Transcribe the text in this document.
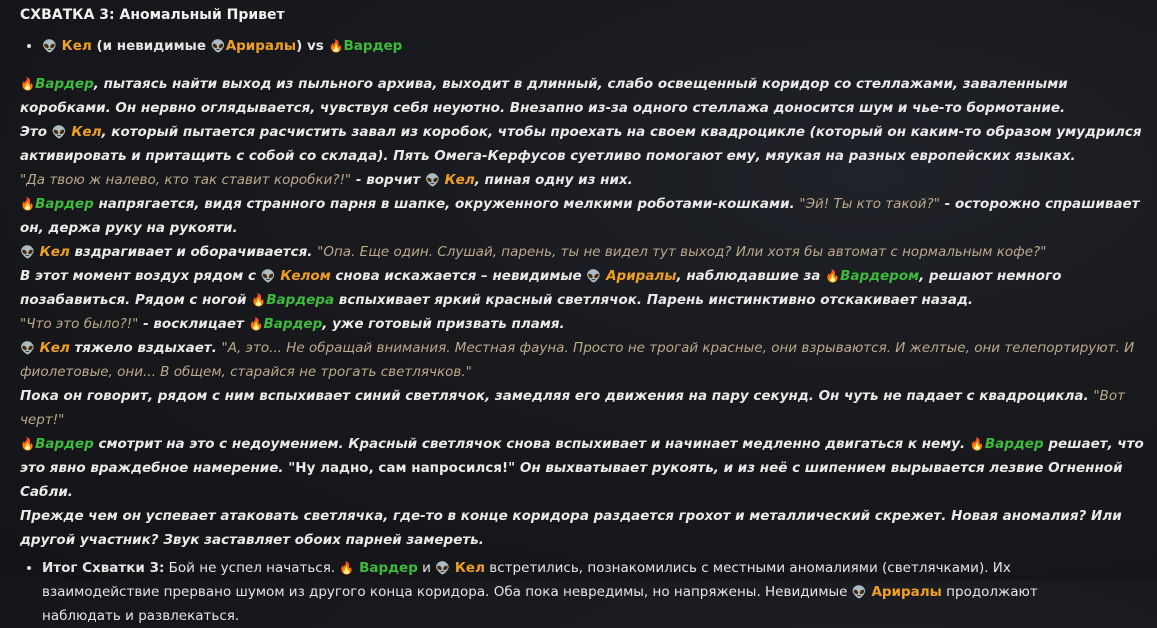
СХВАТКА 3: Аномальный Привет
• 👽 Кел (и невидимые 👽Ариралы) vs 🔥Вардер

🔥Вардер, пытаясь найти выход из пыльного архива, выходит в длинный, слабо освещенный коридор со стеллажами, заваленными коробками. Он нервно оглядывается, чувствуя себя неуютно. Внезапно из-за одного стеллажа доносится шум и чье-то бормотание.

Это 👽 Кел, который пытается расчистить завал из коробок, чтобы проехать на своем квадроцикле (который он каким-то образом умудрился активировать и притащить с собой со склада). Пять Омега-Керфусов суетливо помогают ему, мяукая на разных европейских языках.

"Да твою ж налево, кто так ставит коробки?!" - ворчит 👽 Кел, пиная одну из них.

🔥Вардер напрягается, видя странного парня в шапке, окруженного мелкими роботами-кошками. "Эй! Ты кто такой?" - осторожно спрашивает он, держа руку на рукояти.

👽 Кел вздрагивает и оборачивается. "Опа. Еще один. Слушай, парень, ты не видел тут выход? Или хотя бы автомат с нормальным кофе?"

В этот момент воздух рядом с 👽 Келом снова искажается – невидимые 👽 Ариралы, наблюдавшие за 🔥Вардером, решают немного позабавиться. Рядом с ногой 🔥Вардера вспыхивает яркий красный светлячок. Парень инстинктивно отскакивает назад.

"Что это было?!" - восклицает 🔥Вардер, уже готовый призвать пламя.

👽 Кел тяжело вздыхает. "А, это... Не обращай внимания. Местная фауна. Просто не трогай красные, они взрываются. И желтые, они телепортируют. И фиолетовые, они... В общем, старайся не трогать светлячков."

Пока он говорит, рядом с ним вспыхивает синий светлячок, замедляя его движения на пару секунд. Он чуть не падает с квадроцикла. "Вот черт!"

🔥Вардер смотрит на это с недоумением. Красный светлячок снова вспыхивает и начинает медленно двигаться к нему. 🔥Вардер решает, что это явно враждебное намерение. "Ну ладно, сам напросился!" Он выхватывает рукоять, и из неё с шипением вырывается лезвие Огненной Сабли.

Прежде чем он успевает атаковать светлячка, где-то в конце коридора раздается грохот и металлический скрежет. Новая аномалия? Или другой участник? Звук заставляет обоих парней замереть.

• Итог Схватки 3: Бой не успел начаться. 🔥 Вардер и 👽 Кел встретились, познакомились с местными аномалиями (светлячками). Их взаимодействие прервано шумом из другого конца коридора. Оба пока невредимы, но напряжены. Невидимые 👽 Ариралы продолжают наблюдать и развлекаться.
